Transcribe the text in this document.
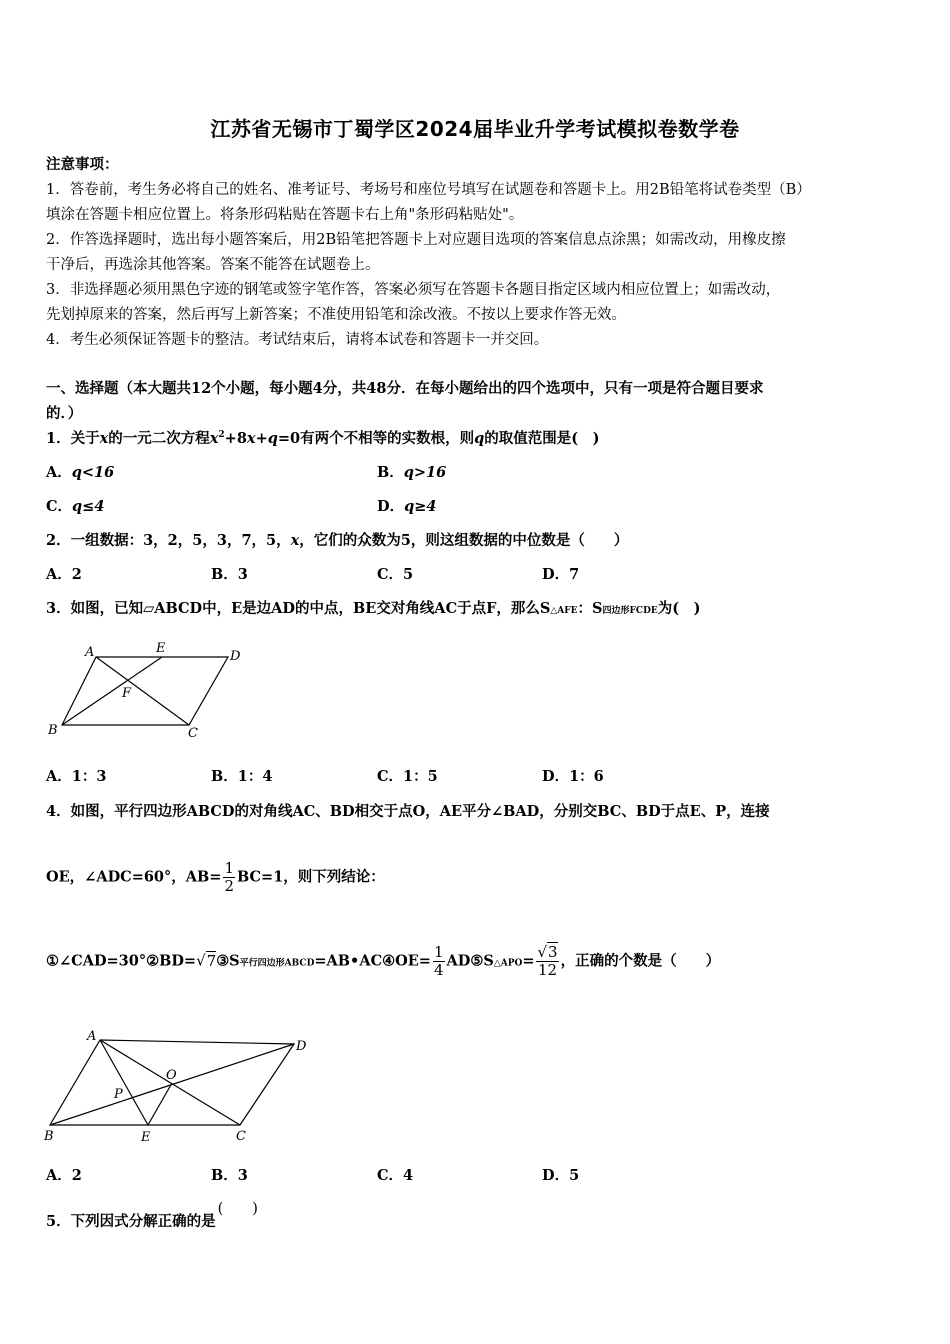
江苏省无锡市丁蜀学区2024届毕业升学考试模拟卷数学卷
注意事项：
1．答卷前，考生务必将自己的姓名、准考证号、考场号和座位号填写在试题卷和答题卡上。用2B铅笔将试卷类型（B）
填涂在答题卡相应位置上。将条形码粘贴在答题卡右上角"条形码粘贴处"。
2．作答选择题时，选出每小题答案后，用2B铅笔把答题卡上对应题目选项的答案信息点涂黑；如需改动，用橡皮擦
干净后，再选涂其他答案。答案不能答在试题卷上。
3．非选择题必须用黑色字迹的钢笔或签字笔作答，答案必须写在答题卡各题目指定区域内相应位置上；如需改动，
先划掉原来的答案，然后再写上新答案；不准使用铅笔和涂改液。不按以上要求作答无效。
4．考生必须保证答题卡的整洁。考试结束后，请将本试卷和答题卡一并交回。
一、选择题（本大题共12个小题，每小题4分，共48分．在每小题给出的四个选项中，只有一项是符合题目要求
的．）
1．关于x的一元二次方程$x^2+8x+q=0$有两个不相等的实数根，则q的取值范围是(　)
A．q<16	B．q>16
C．q≤4	D．q≥4
2．一组数据：3，2，5，3，7，5，x，它们的众数为5，则这组数据的中位数是（　　）
A．2	B．3	C．5	D．7
3．如图，已知▱ABCD中，E是边AD的中点，BE交对角线AC于点F，那么S△AFE：S四边形FCDE为(　)
A	E
D
F
B	C
A．1：3	B．1：4	C．1：5	D．1：6
4．如图，平行四边形ABCD的对角线AC、BD相交于点O，AE平分∠BAD，分别交BC、BD于点E、P，连接
OE，∠ADC=60°，$AB= \frac{1}{2} BC=1$，则下列结论：
①∠CAD=30°②BD=√7③S平行四边形ABCD=AB•AC④OE= $\frac{1}{4}$ AD⑤S△APO= $\frac{√3}{12}$ ，正确的个数是（　　）
A
D
O
P
B	E	C
A．2	B．3	C．4	D．5
5．下列因式分解正确的是(　　)
